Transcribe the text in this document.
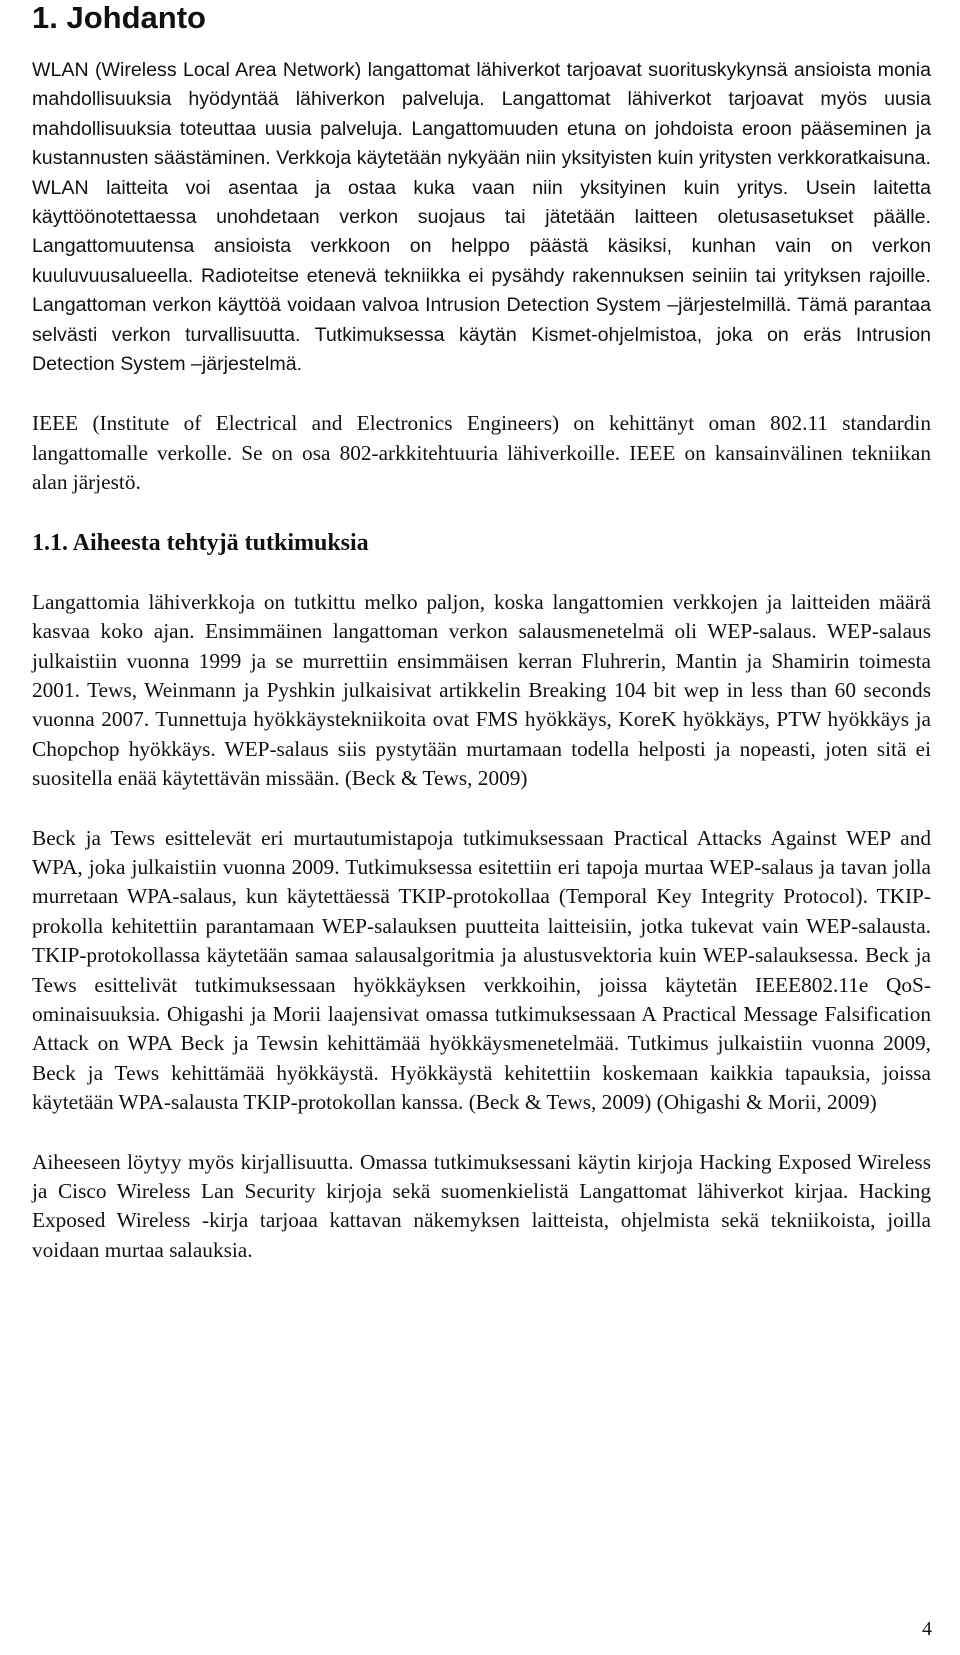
1. Johdanto

WLAN (Wireless Local Area Network) langattomat lähiverkot tarjoavat suorituskykynsä ansioista monia mahdollisuuksia hyödyntää lähiverkon palveluja. Langattomat lähiverkot tarjoavat myös uusia mahdollisuuksia toteuttaa uusia palveluja. Langattomuuden etuna on johdoista eroon pääseminen ja kustannusten säästäminen. Verkkoja käytetään nykyään niin yksityisten kuin yritysten verkkoratkaisuna. WLAN laitteita voi asentaa ja ostaa kuka vaan niin yksityinen kuin yritys. Usein laitetta käyttöönotettaessa unohdetaan verkon suojaus tai jätetään laitteen oletusasetukset päälle. Langattomuutensa ansioista verkkoon on helppo päästä käsiksi, kunhan vain on verkon kuuluvuusalueella. Radioteitse etenevä tekniikka ei pysähdy rakennuksen seiniin tai yrityksen rajoille. Langattoman verkon käyttöä voidaan valvoa Intrusion Detection System –järjestelmillä. Tämä parantaa selvästi verkon turvallisuutta. Tutkimuksessa käytän Kismet-ohjelmistoa, joka on eräs Intrusion Detection System –järjestelmä.

IEEE (Institute of Electrical and Electronics Engineers) on kehittänyt oman 802.11 standardin langattomalle verkolle. Se on osa 802-arkkitehtuuria lähiverkoille. IEEE on kansainvälinen tekniikan alan järjestö.

1.1. Aiheesta tehtyjä tutkimuksia

Langattomia lähiverkkoja on tutkittu melko paljon, koska langattomien verkkojen ja laitteiden määrä kasvaa koko ajan. Ensimmäinen langattoman verkon salausmenetelmä oli WEP-salaus. WEP-salaus julkaistiin vuonna 1999 ja se murrettiin ensimmäisen kerran Fluhrerin, Mantin ja Shamirin toimesta 2001. Tews, Weinmann ja Pyshkin julkaisivat artikkelin Breaking 104 bit wep in less than 60 seconds vuonna 2007. Tunnettuja hyökkäystekniikoita ovat FMS hyökkäys, KoreK hyökkäys, PTW hyökkäys ja Chopchop hyökkäys. WEP-salaus siis pystytään murtamaan todella helposti ja nopeasti, joten sitä ei suositella enää käytettävän missään. (Beck & Tews, 2009)

Beck ja Tews esittelevät eri murtautumistapoja tutkimuksessaan Practical Attacks Against WEP and WPA, joka julkaistiin vuonna 2009. Tutkimuksessa esitettiin eri tapoja murtaa WEP-salaus ja tavan jolla murretaan WPA-salaus, kun käytettäessä TKIP-protokollaa (Temporal Key Integrity Protocol). TKIP-prokolla kehitettiin parantamaan WEP-salauksen puutteita laitteisiin, jotka tukevat vain WEP-salausta. TKIP-protokollassa käytetään samaa salausalgoritmia ja alustusvektoria kuin WEP-salauksessa. Beck ja Tews esittelivät tutkimuksessaan hyökkäyksen verkkoihin, joissa käytetän IEEE802.11e QoS-ominaisuuksia. Ohigashi ja Morii laajensivat omassa tutkimuksessaan A Practical Message Falsification Attack on WPA Beck ja Tewsin kehittämää hyökkäysmenetelmää. Tutkimus julkaistiin vuonna 2009, Beck ja Tews kehittämää hyökkäystä. Hyökkäystä kehitettiin koskemaan kaikkia tapauksia, joissa käytetään WPA-salausta TKIP-protokollan kanssa. (Beck & Tews, 2009) (Ohigashi & Morii, 2009)

Aiheeseen löytyy myös kirjallisuutta. Omassa tutkimuksessani käytin kirjoja Hacking Exposed Wireless ja Cisco Wireless Lan Security kirjoja sekä suomenkielistä Langattomat lähiverkot kirjaa. Hacking Exposed Wireless -kirja tarjoaa kattavan näkemyksen laitteista, ohjelmista sekä tekniikoista, joilla voidaan murtaa salauksia.

4
